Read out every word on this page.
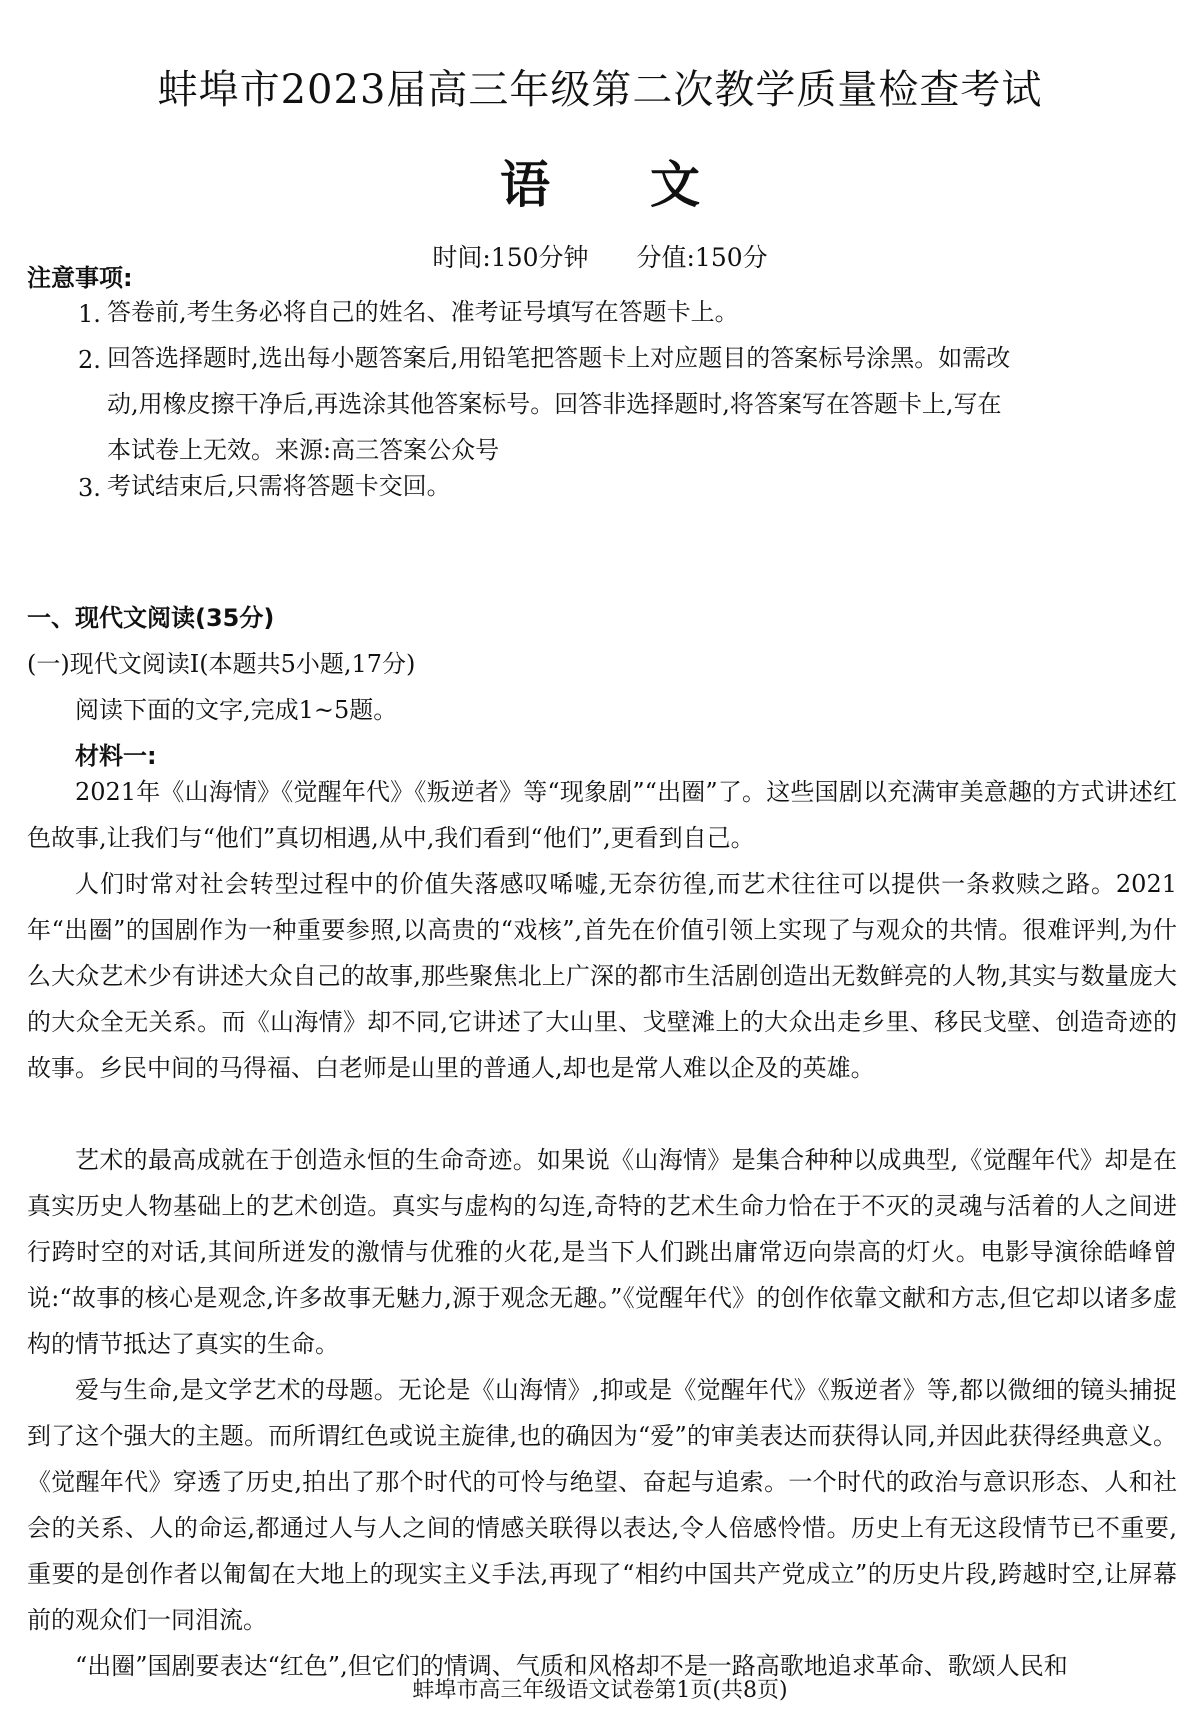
蚌埠市2023届高三年级第二次教学质量检查考试
语 文
时间:150分钟 分值:150分
注意事项:
1. 答卷前,考生务必将自己的姓名、准考证号填写在答题卡上。
2. 回答选择题时,选出每小题答案后,用铅笔把答题卡上对应题目的答案标号涂黑。如需改
动,用橡皮擦干净后,再选涂其他答案标号。回答非选择题时,将答案写在答题卡上,写在
本试卷上无效。来源:高三答案公众号
3. 考试结束后,只需将答题卡交回。
一、现代文阅读(35分)
(一)现代文阅读Ⅰ(本题共5小题,17分)
阅读下面的文字,完成1~5题。
材料一:

2021年《山海情》《觉醒年代》《叛逆者》等“现象剧”“出圈”了。这些国剧以充满审美意趣的方式讲述红色故事,让我们与“他们”真切相遇,从中,我们看到“他们”,更看到自己。

人们时常对社会转型过程中的价值失落感叹唏嘘,无奈彷徨,而艺术往往可以提供一条救赎之路。2021年“出圈”的国剧作为一种重要参照,以高贵的“戏核”,首先在价值引领上实现了与观众的共情。很难评判,为什么大众艺术少有讲述大众自己的故事,那些聚焦北上广深的都市生活剧创造出无数鲜亮的人物,其实与数量庞大的大众全无关系。而《山海情》却不同,它讲述了大山里、戈壁滩上的大众出走乡里、移民戈壁、创造奇迹的故事。乡民中间的马得福、白老师是山里的普通人,却也是常人难以企及的英雄。

艺术的最高成就在于创造永恒的生命奇迹。如果说《山海情》是集合种种以成典型,《觉醒年代》却是在真实历史人物基础上的艺术创造。真实与虚构的勾连,奇特的艺术生命力恰在于不灭的灵魂与活着的人之间进行跨时空的对话,其间所迸发的激情与优雅的火花,是当下人们跳出庸常迈向崇高的灯火。电影导演徐皓峰曾说:“故事的核心是观念,许多故事无魅力,源于观念无趣。”《觉醒年代》的创作依靠文献和方志,但它却以诸多虚构的情节抵达了真实的生命。

爱与生命,是文学艺术的母题。无论是《山海情》,抑或是《觉醒年代》《叛逆者》等,都以微细的镜头捕捉到了这个强大的主题。而所谓红色或说主旋律,也的确因为“爱”的审美表达而获得认同,并因此获得经典意义。《觉醒年代》穿透了历史,拍出了那个时代的可怜与绝望、奋起与追索。一个时代的政治与意识形态、人和社会的关系、人的命运,都通过人与人之间的情感关联得以表达,令人倍感怜惜。历史上有无这段情节已不重要,重要的是创作者以匍匐在大地上的现实主义手法,再现了“相约中国共产党成立”的历史片段,跨越时空,让屏幕前的观众们一同泪流。

“出圈”国剧要表达“红色”,但它们的情调、气质和风格却不是一路高歌地追求革命、歌颂人民和

蚌埠市高三年级语文试卷第1页(共8页)
